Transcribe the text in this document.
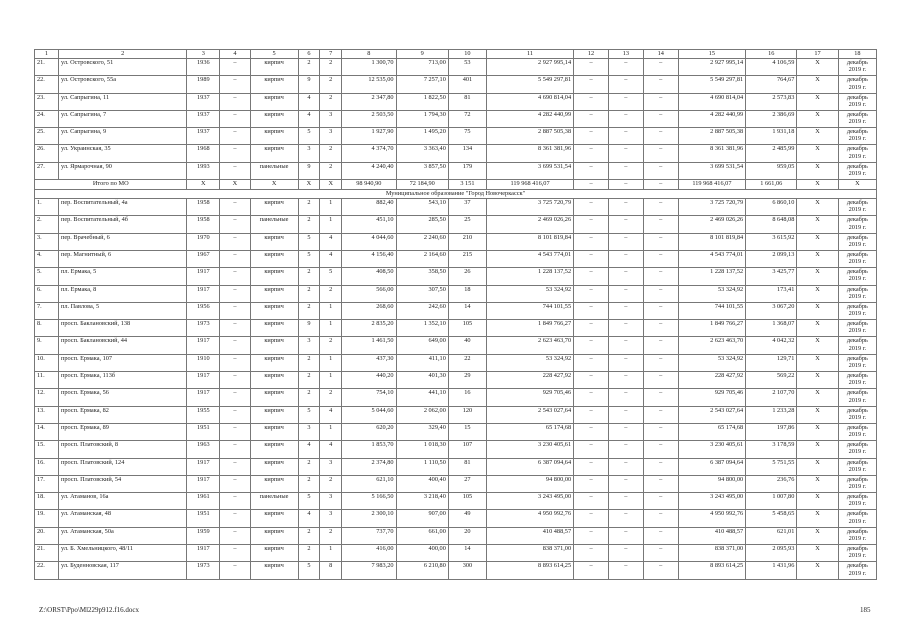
1	2	3	4	5	6	7	8	9	10	11	12	13	14	15	16	17	18
21.	ул. Островского, 51	1936	–	кирпич	2	2	1 300,70	713,00	53	2 927 995,14	–	–	–	2 927 995,14	4 106,59	X	декабрь 2019 г.
22.	ул. Островского, 55а	1989	–	кирпич	9	2	12 535,00	7 257,10	401	5 549 297,81	–	–	–	5 549 297,81	764,67	X	декабрь 2019 г.
23.	ул. Сапрыгина, 11	1937	–	кирпич	4	2	2 347,80	1 822,50	81	4 690 814,04	–	–	–	4 690 814,04	2 573,83	X	декабрь 2019 г.
24.	ул. Сапрыгина, 7	1937	–	кирпич	4	3	2 503,50	1 794,30	72	4 282 440,99	–	–	–	4 282 440,99	2 386,69	X	декабрь 2019 г.
25.	ул. Сапрыгина, 9	1937	–	кирпич	5	3	1 927,90	1 495,20	75	2 887 505,38	–	–	–	2 887 505,38	1 931,18	X	декабрь 2019 г.
26.	ул. Украинская, 35	1968	–	кирпич	3	2	4 374,70	3 363,40	134	8 361 381,96	–	–	–	8 361 381,96	2 485,99	X	декабрь 2019 г.
27.	ул. Ярмарочная, 90	1993	–	панельные	9	2	4 240,40	3 857,50	179	3 699 531,54	–	–	–	3 699 531,54	959,05	X	декабрь 2019 г.
Итого по МО		X	X	X	X	X	98 940,90	72 184,90	3 151	119 968 416,07	–	–	–	119 968 416,07	1 661,06	X	X
Муниципальное образование "Город Новочеркасск"																	
1.	пер. Воспитательный, 4а	1958	–	кирпич	2	1	882,40	543,10	37	3 725 720,79	–	–	–	3 725 720,79	6 860,10	X	декабрь 2019 г.
2.	пер. Воспитательный, 4б	1958	–	панельные	2	1	451,10	285,50	25	2 469 026,26	–	–	–	2 469 026,26	8 648,08	X	декабрь 2019 г.
3.	пер. Врачебный, 6	1970	–	кирпич	5	4	4 044,60	2 240,60	210	8 101 819,84	–	–	–	8 101 819,84	3 615,92	X	декабрь 2019 г.
4.	пер. Магнитный, 6	1967	–	кирпич	5	4	4 156,40	2 164,60	215	4 543 774,01	–	–	–	4 543 774,01	2 099,13	X	декабрь 2019 г.
5.	пл. Ермака, 5	1917	–	кирпич	2	5	408,50	358,50	26	1 228 137,52	–	–	–	1 228 137,52	3 425,77	X	декабрь 2019 г.
6.	пл. Ермака, 8	1917	–	кирпич	2	2	566,00	307,50	18	53 324,92	–	–	–	53 324,92	173,41	X	декабрь 2019 г.
7.	пл. Павлова, 5	1956	–	кирпич	2	1	268,60	242,60	14	744 101,55	–	–	–	744 101,55	3 067,20	X	декабрь 2019 г.
8.	просп. Баклановский, 138	1973	–	кирпич	9	1	2 835,20	1 352,10	105	1 849 766,27	–	–	–	1 849 766,27	1 368,07	X	декабрь 2019 г.
9.	просп. Баклановский, 44	1917	–	кирпич	3	2	1 461,50	649,00	40	2 623 463,70	–	–	–	2 623 463,70	4 042,32	X	декабрь 2019 г.
10.	просп. Ермака, 107	1910	–	кирпич	2	1	437,30	411,10	22	53 324,92	–	–	–	53 324,92	129,71	X	декабрь 2019 г.
11.	просп. Ермака, 113б	1917	–	кирпич	2	1	440,20	401,30	29	228 427,92	–	–	–	228 427,92	569,22	X	декабрь 2019 г.
12.	просп. Ермака, 56	1917	–	кирпич	2	2	754,10	441,10	16	929 705,46	–	–	–	929 705,46	2 107,70	X	декабрь 2019 г.
13.	просп. Ермака, 82	1955	–	кирпич	5	4	5 044,60	2 062,00	120	2 543 027,64	–	–	–	2 543 027,64	1 233,28	X	декабрь 2019 г.
14.	просп. Ермака, 89	1951	–	кирпич	3	1	620,20	329,40	15	65 174,68	–	–	–	65 174,68	197,86	X	декабрь 2019 г.
15.	просп. Платовский, 8	1963	–	кирпич	4	4	1 853,70	1 018,30	107	3 230 405,61	–	–	–	3 230 405,61	3 178,59	X	декабрь 2019 г.
16.	просп. Платовский, 124	1917	–	кирпич	2	3	2 374,80	1 110,50	81	6 387 094,64	–	–	–	6 387 094,64	5 751,55	X	декабрь 2019 г.
17.	просп. Платовский, 54	1917	–	кирпич	2	2	621,10	400,40	27	94 800,00	–	–	–	94 800,00	236,76	X	декабрь 2019 г.
18.	ул. Атаманов, 16а	1961	–	панельные	5	3	5 166,50	3 218,40	105	3 243 495,00	–	–	–	3 243 495,00	1 007,80	X	декабрь 2019 г.
19.	ул. Атаманская, 48	1951	–	кирпич	4	3	2 300,10	907,00	49	4 950 992,76	–	–	–	4 950 992,76	5 458,65	X	декабрь 2019 г.
20.	ул. Атаманская, 50а	1959	–	кирпич	2	2	737,70	661,00	20	410 488,57	–	–	–	410 488,57	621,01	X	декабрь 2019 г.
21.	ул. Б. Хмельницкого, 48/11	1917	–	кирпич	2	1	416,00	400,00	14	838 371,00	–	–	–	838 371,00	2 095,93	X	декабрь 2019 г.
22.	ул. Буденновская, 117	1973	–	кирпич	5	8	7 983,20	6 210,80	300	8 893 614,25	–	–	–	8 893 614,25	1 431,96	X	декабрь 2019 г.
Z:\ORST\Ppo\Ml229p912.f16.docx	185
